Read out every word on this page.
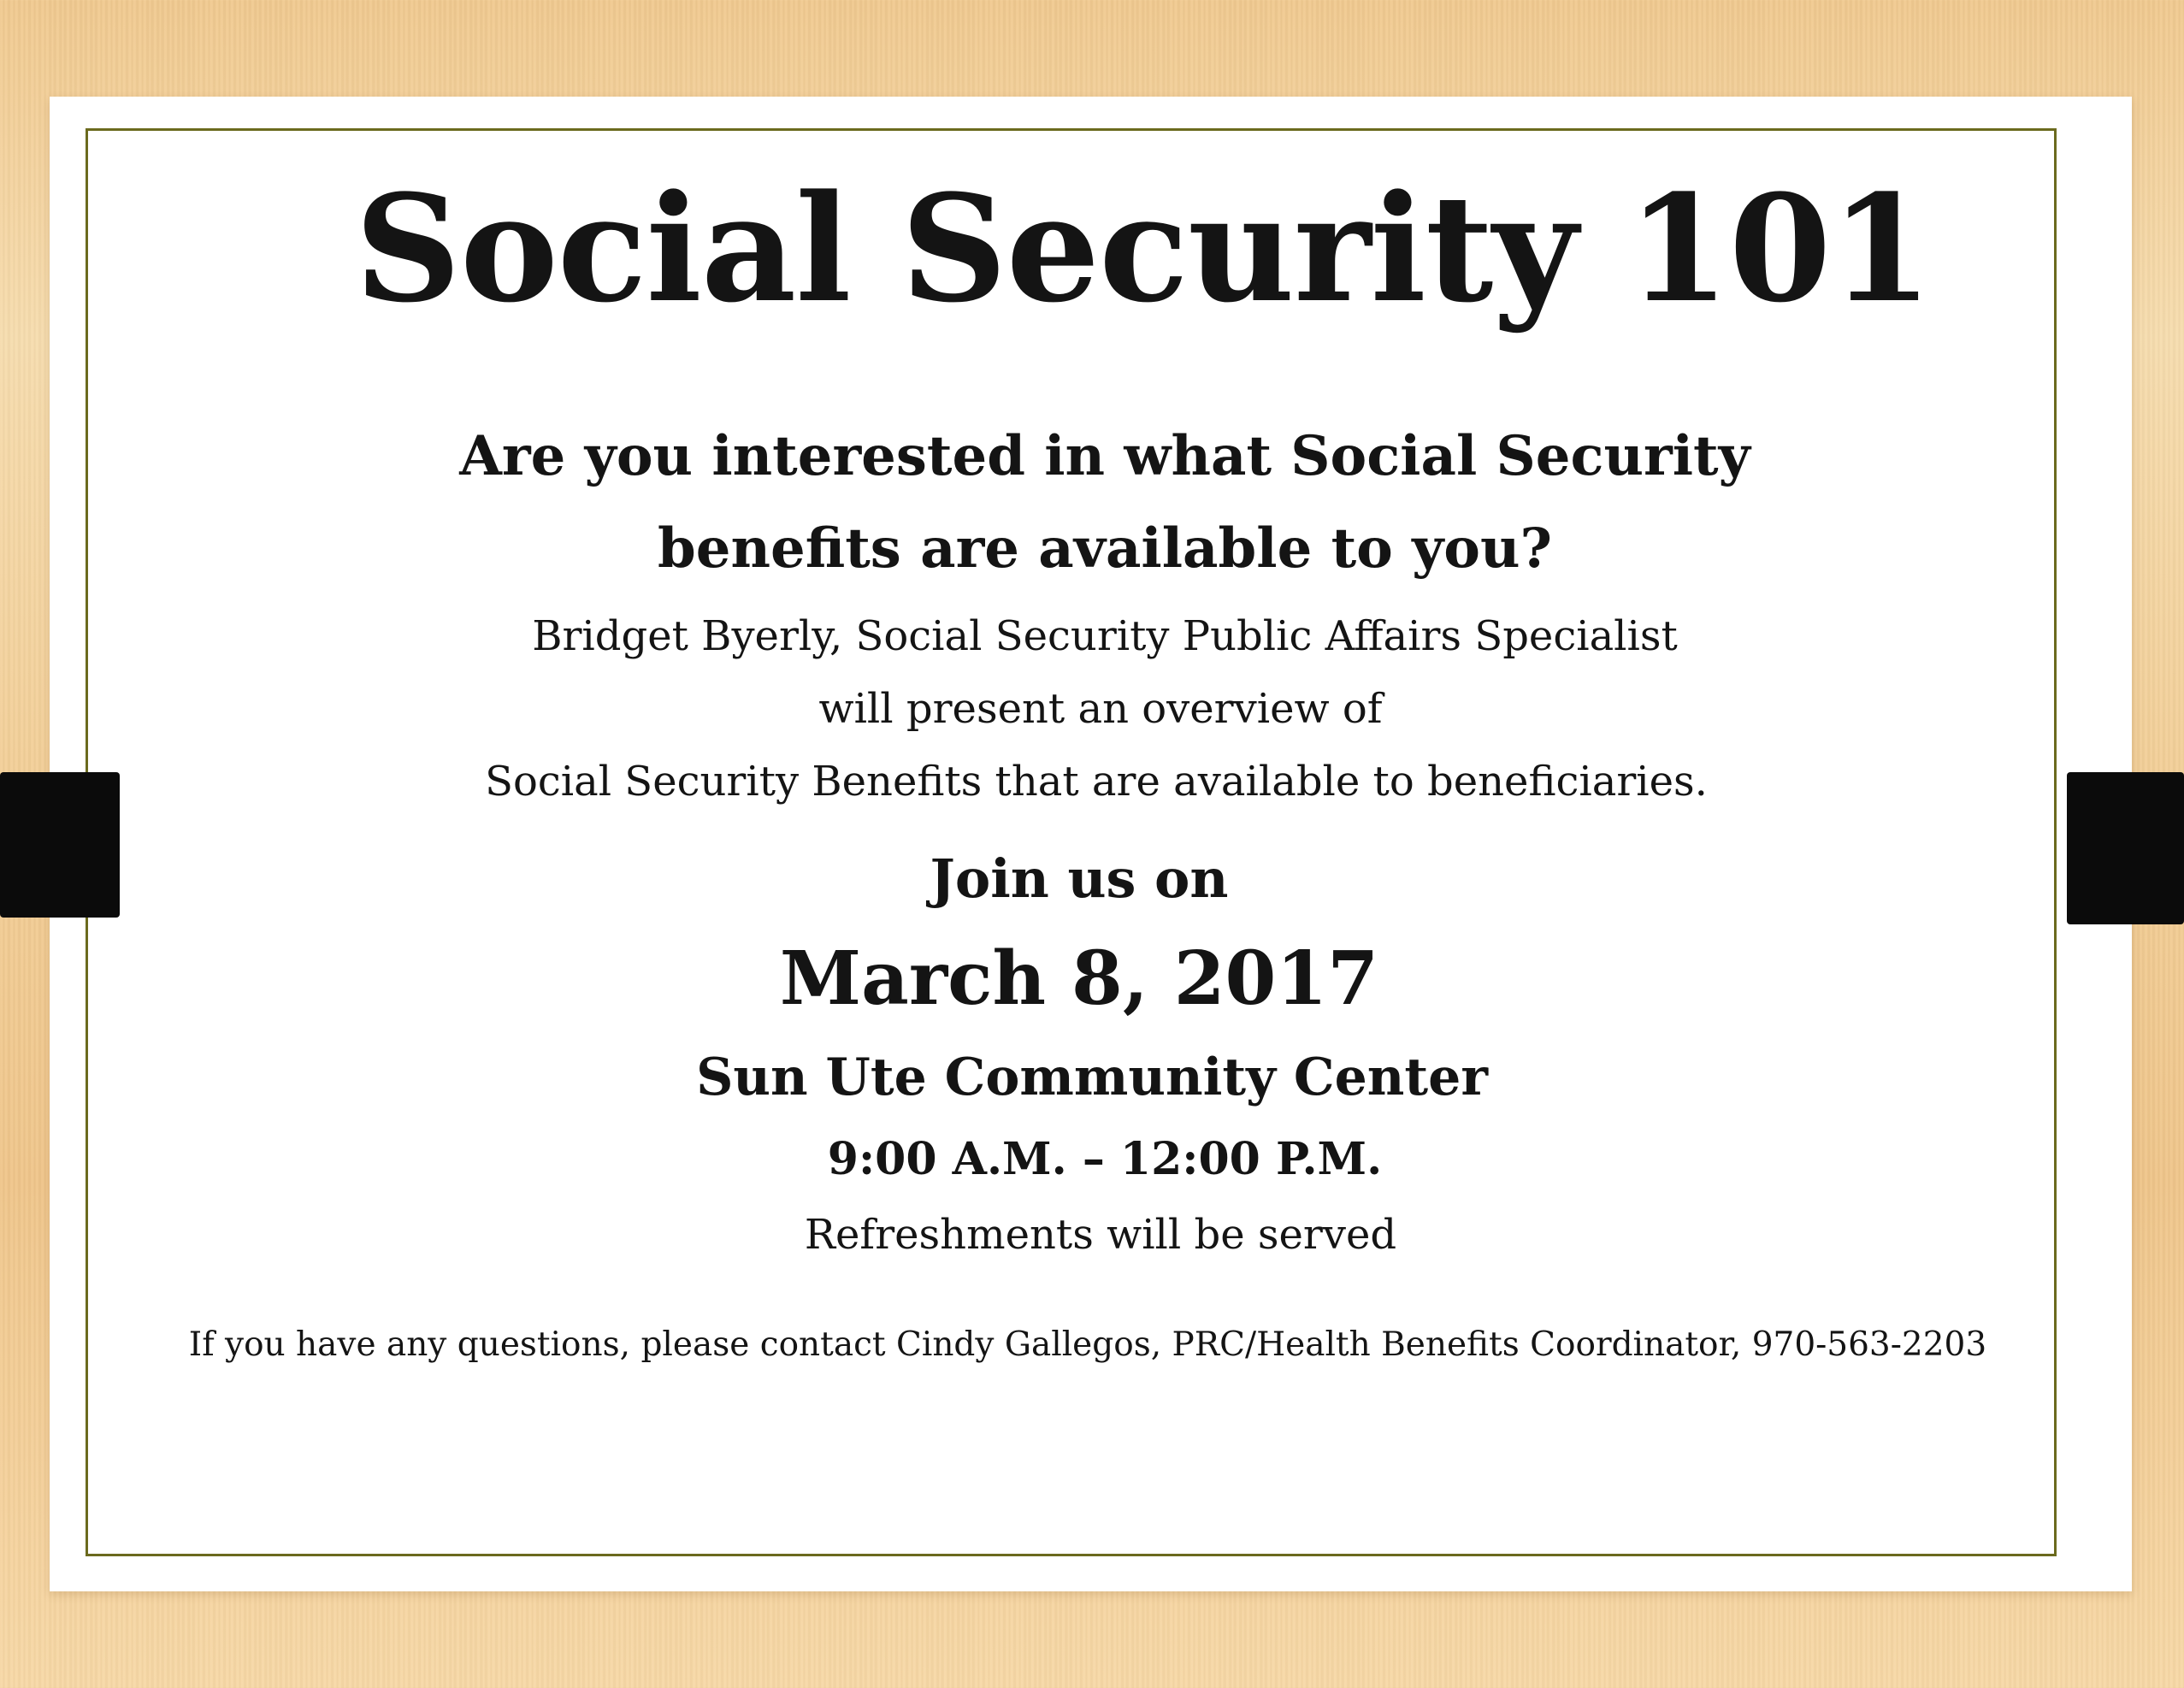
Social Security 101
Are you interested in what Social Security
benefits are available to you?
Bridget Byerly, Social Security Public Affairs Specialist
will present an overview of
Social Security Benefits that are available to beneficiaries.
Join us on
March 8, 2017
Sun Ute Community Center
9:00 A.M. – 12:00 P.M.
Refreshments will be served
If you have any questions, please contact Cindy Gallegos, PRC/Health Benefits Coordinator, 970-563-2203
